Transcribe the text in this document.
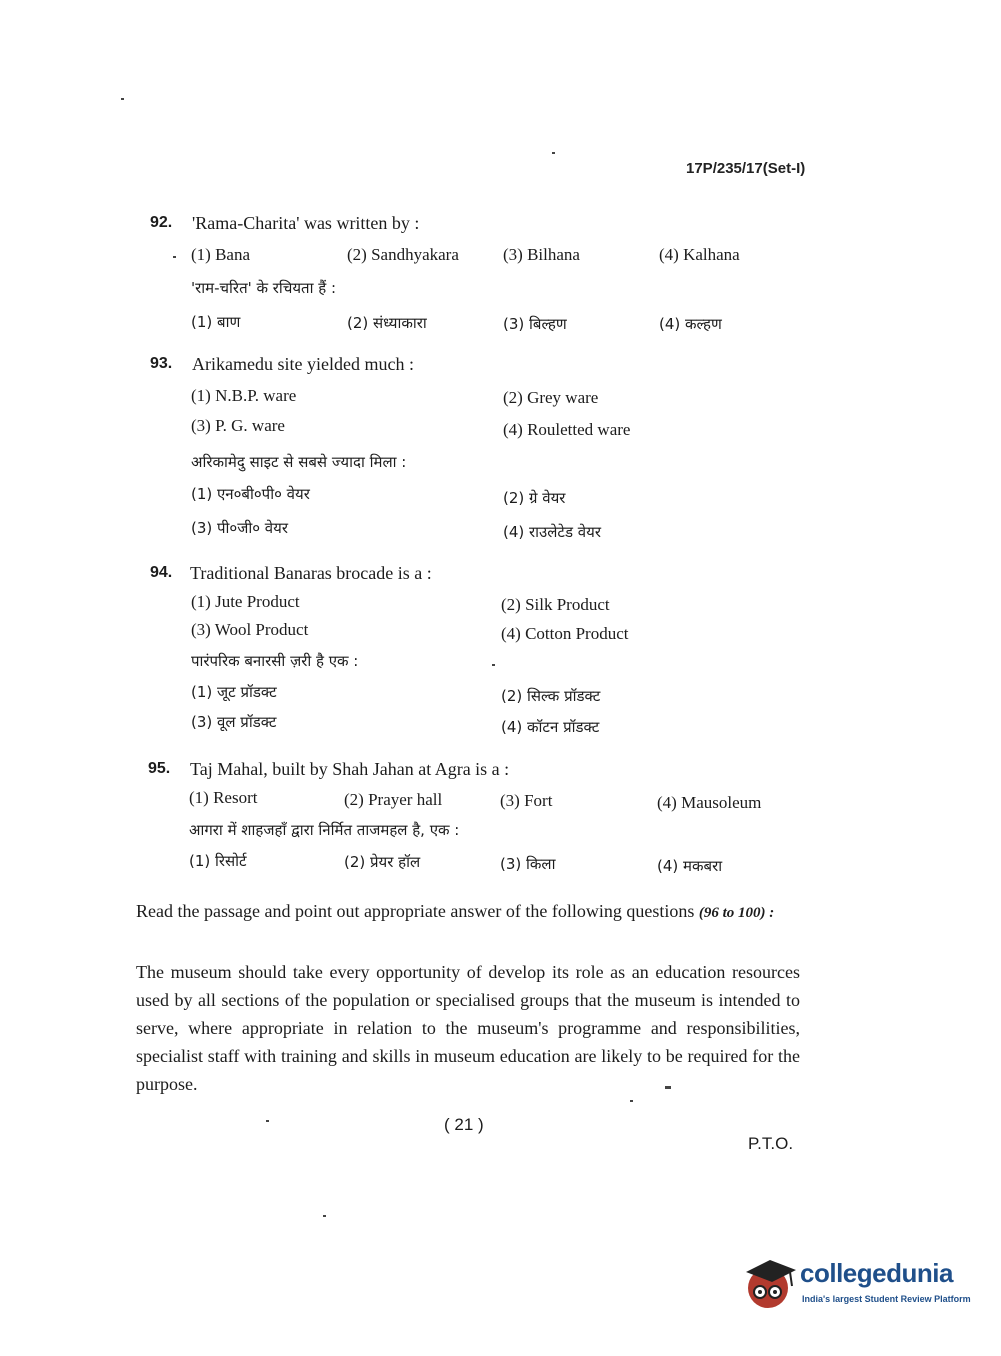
17P/235/17(Set-I)
92. 'Rama-Charita' was written by :
(1) Bana	(2) Sandhyakara	(3) Bilhana	(4) Kalhana
'राम-चरित' के रचियता हैं :
(1) बाण	(2) संध्याकारा	(3) बिल्हण	(4) कल्हण
93. Arikamedu site yielded much :
(1) N.B.P. ware	(2) Grey ware
(3) P. G. ware	(4) Rouletted ware
अरिकामेदु साइट से सबसे ज्यादा मिला :
(1) एन०बी०पी० वेयर	(2) ग्रे वेयर
(3) पी०जी० वेयर	(4) राउलेटेड वेयर
94. Traditional Banaras brocade is a :
(1) Jute Product	(2) Silk Product
(3) Wool Product	(4) Cotton Product
पारंपरिक बनारसी ज़री है एक :
(1) जूट प्रॉडक्ट	(2) सिल्क प्रॉडक्ट
(3) वूल प्रॉडक्ट	(4) कॉटन प्रॉडक्ट
95. Taj Mahal, built by Shah Jahan at Agra is a :
(1) Resort	(2) Prayer hall	(3) Fort	(4) Mausoleum
आगरा में शाहजहाँ द्वारा निर्मित ताजमहल है, एक :
(1) रिसोर्ट	(2) प्रेयर हॉल	(3) किला	(4) मकबरा
Read the passage and point out appropriate answer of the following questions (96 to 100) :
The museum should take every opportunity of develop its role as an education resources used by all sections of the population or specialised groups that the museum is intended to serve, where appropriate in relation to the museum's programme and responsibilities, specialist staff with training and skills in museum education are likely to be required for the purpose.
( 21 )
P.T.O.
collegedunia
India's largest Student Review Platform
